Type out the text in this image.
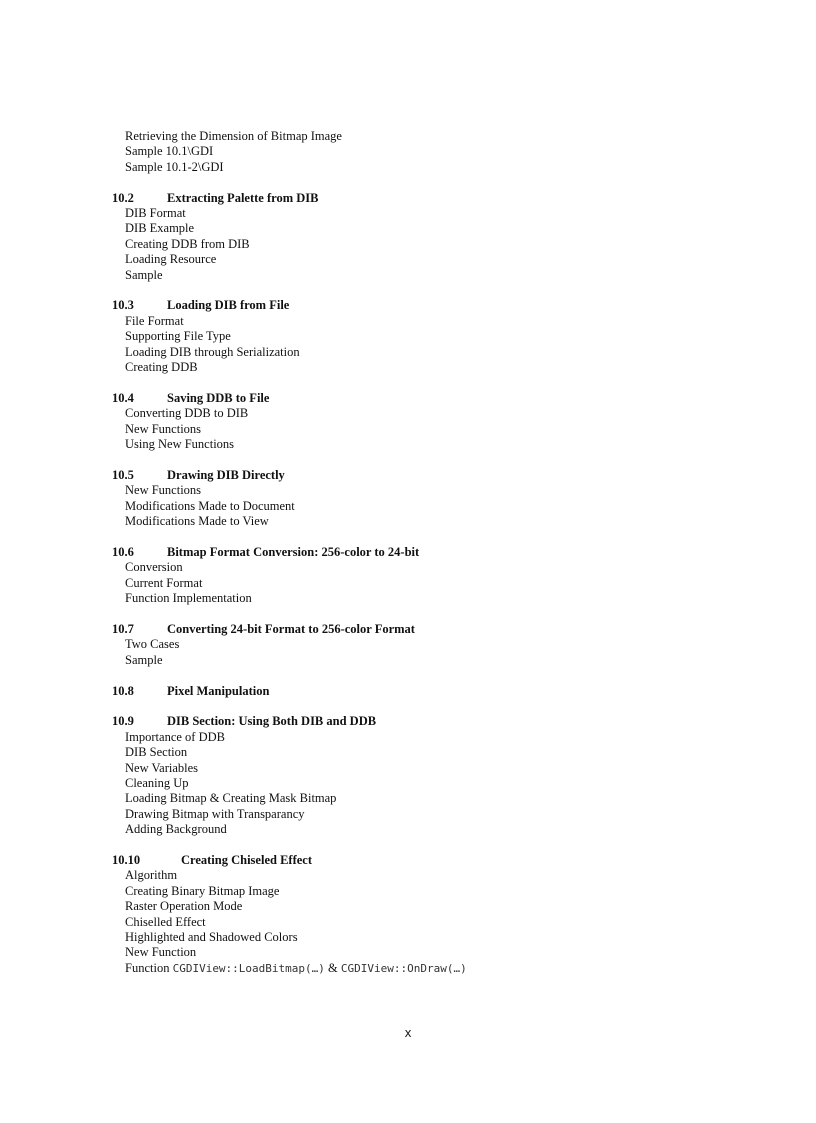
Retrieving the Dimension of Bitmap Image
Sample 10.1\GDI
Sample 10.1-2\GDI
10.2	Extracting Palette from DIB
DIB Format
DIB Example
Creating DDB from DIB
Loading Resource
Sample
10.3	Loading DIB from File
File Format
Supporting File Type
Loading DIB through Serialization
Creating DDB
10.4	Saving DDB to File
Converting DDB to DIB
New Functions
Using New Functions
10.5	Drawing DIB Directly
New Functions
Modifications Made to Document
Modifications Made to View
10.6	Bitmap Format Conversion: 256-color to 24-bit
Conversion
Current Format
Function Implementation
10.7	Converting 24-bit Format to 256-color Format
Two Cases
Sample
10.8	Pixel Manipulation
10.9	DIB Section: Using Both DIB and DDB
Importance of DDB
DIB Section
New Variables
Cleaning Up
Loading Bitmap & Creating Mask Bitmap
Drawing Bitmap with Transparancy
Adding Background
10.10	Creating Chiseled Effect
Algorithm
Creating Binary Bitmap Image
Raster Operation Mode
Chiselled Effect
Highlighted and Shadowed Colors
New Function
Function CGDIView::LoadBitmap(…) & CGDIView::OnDraw(…)
x
